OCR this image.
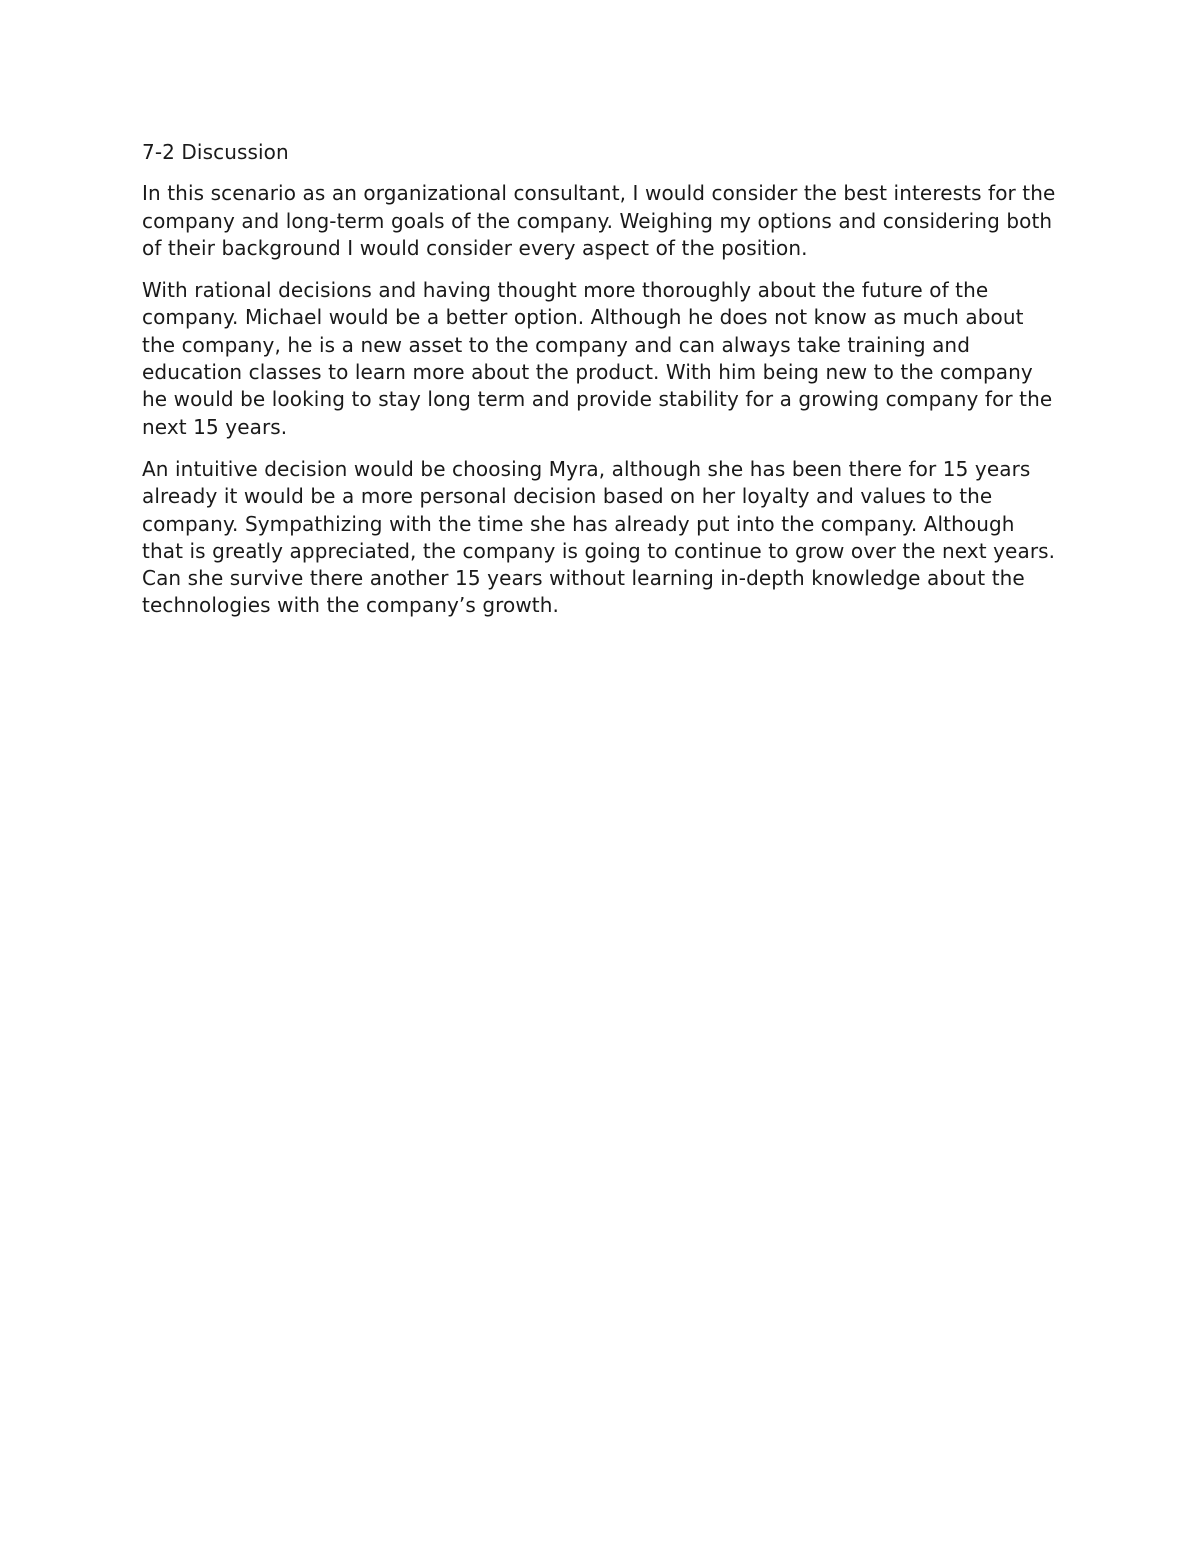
7-2 Discussion

In this scenario as an organizational consultant, I would consider the best interests for the company and long-term goals of the company. Weighing my options and considering both of their background I would consider every aspect of the position.

With rational decisions and having thought more thoroughly about the future of the company. Michael would be a better option. Although he does not know as much about the company, he is a new asset to the company and can always take training and education classes to learn more about the product. With him being new to the company he would be looking to stay long term and provide stability for a growing company for the next 15 years.

An intuitive decision would be choosing Myra, although she has been there for 15 years already it would be a more personal decision based on her loyalty and values to the company. Sympathizing with the time she has already put into the company. Although that is greatly appreciated, the company is going to continue to grow over the next years. Can she survive there another 15 years without learning in-depth knowledge about the technologies with the company’s growth.
